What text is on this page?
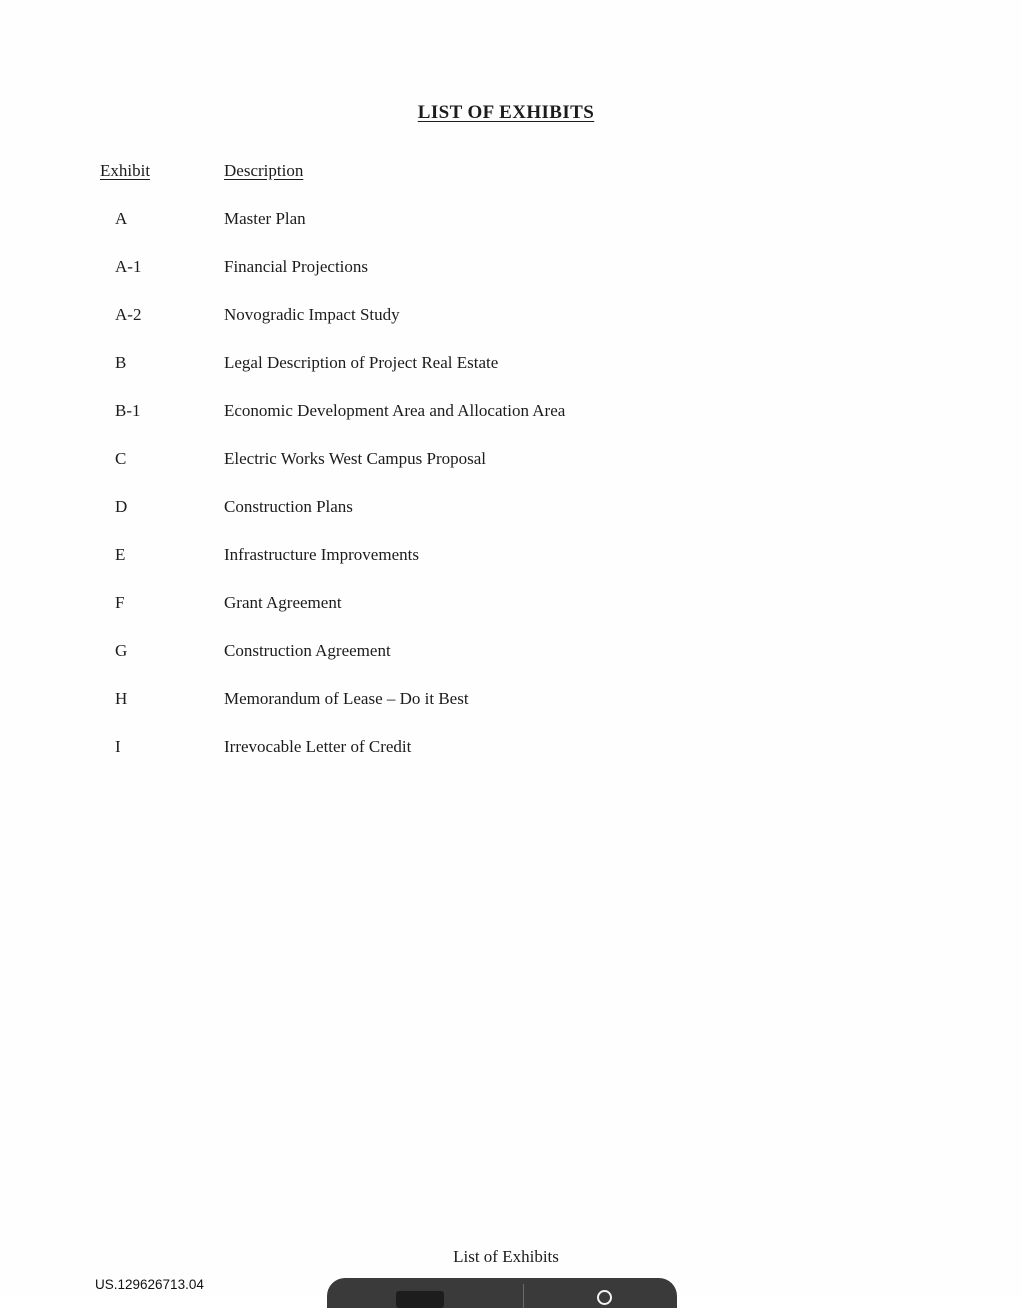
LIST OF EXHIBITS
Exhibit	Description
A	Master Plan
A-1	Financial Projections
A-2	Novogradic Impact Study
B	Legal Description of Project Real Estate
B-1	Economic Development Area and Allocation Area
C	Electric Works West Campus Proposal
D	Construction Plans
E	Infrastructure Improvements
F	Grant Agreement
G	Construction Agreement
H	Memorandum of Lease – Do it Best
I	Irrevocable Letter of Credit
List of Exhibits
US.129626713.04
